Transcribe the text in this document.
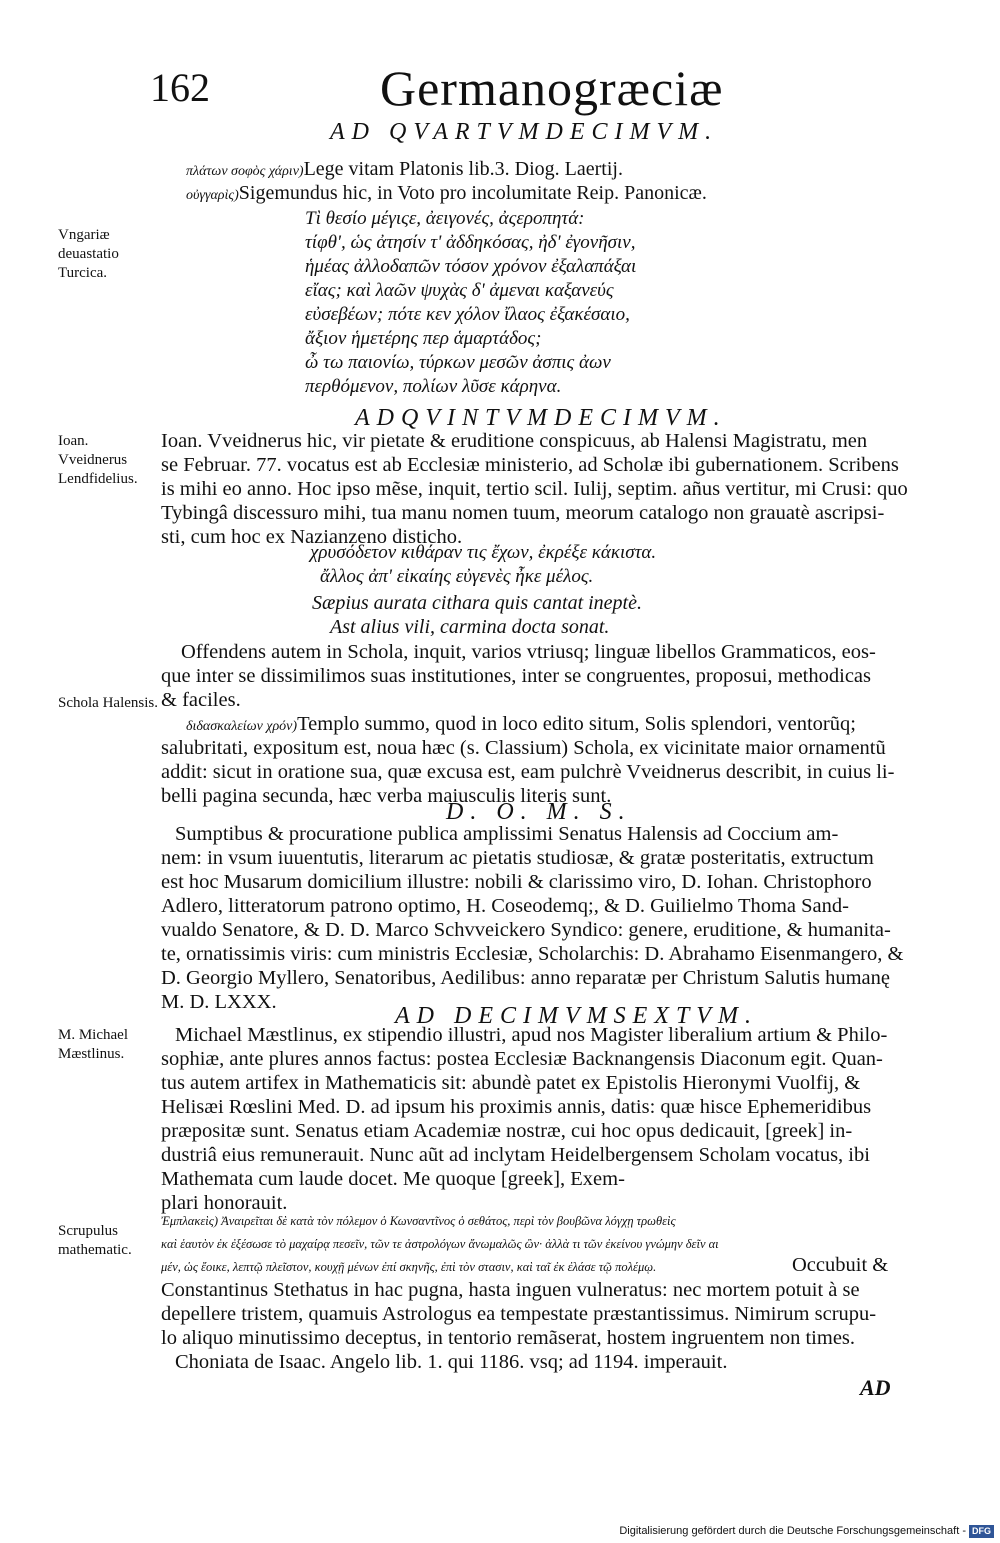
162	Germanogræciæ
AD QVARTVMDECIMVM.
πλάτων σοφὸς χάριν)Lege vitam Platonis lib.3. Diog. Laertij.
οὐγγαρὶς)Sigemundus hic, in Voto pro incolumitate Reip. Panonicæ.
Vngariæ deuastatio Turcica.
Τὶ θεσίο μέγιςε, ἀειγονές, ἀςεροπητά:
τίφθ', ὡς ἀτησίν τ' ἀδδηκόσας, ἠδ' ἐγονῆσιν,
ἡμέας ἀλλοδαπῶν τόσον χρόνον ἐξαλαπάξαι
εἴας; καὶ λαῶν ψυχὰς δ' ἀμεναι καξανεύς
εὐσεβέων; πότε κεν χόλον ἴλαος ἐξακέσαιο,
ἄξιον ἡμετέρης περ ἁμαρτάδος;
ὦ τω παιονίω, τύρκων μεσῶν ἀσπις ἀων
περθόμενον, πολίων λῦσε κάρηνα.
ADQVINTVMDECIMVM.
Ioan. Vveidnerus Lendfidelius.
Ioan. Vveidnerus hic, vir pietate & eruditione conspicuus, ab Halensi Magistratu, men
se Februar. 77. vocatus est ab Ecclesiæ ministerio, ad Scholæ ibi gubernationem. Scribens
is mihi eo anno. Hoc ipso mẽse, inquit, tertio scil. Iulij, septim. añus vertitur, mi Crusi: quo
Tybingâ discessuro mihi, tua manu nomen tuum, meorum catalogo non grauatè ascripsi-
sti, cum hoc ex Nazianzeno disticho.
χρυσόδετον κιθάραν τις ἔχων, ἐκρέξε κάκιστα.
ἄλλος ἀπ' εἰκαίης εὐγενὲς ἦκε μέλος.
Sæpius aurata cithara quis cantat ineptè.
Ast alius vili, carmina docta sonat.
Offendens autem in Schola, inquit, varios vtriusq; linguæ libellos Grammaticos, eos-
que inter se dissimilimos suas institutiones, inter se congruentes, proposui, methodicas
& faciles.
Schola Halensis.
διδασκαλείων χρόν)Templo summo, quod in loco edito situm, Solis splendori, ventorũq;
salubritati, expositum est, noua hæc (s. Classium) Schola, ex vicinitate maior ornamentũ
addit: sicut in oratione sua, quæ excusa est, eam pulchrè Vveidnerus describit, in cuius li-
belli pagina secunda, hæc verba maiusculis literis sunt.
D. O. M. S.
Sumptibus & procuratione publica amplissimi Senatus Halensis ad Coccium am-
nem: in vsum iuuentutis, literarum ac pietatis studiosæ, & gratæ posteritatis, extructum
est hoc Musarum domicilium illustre: nobili & clarissimo viro, D. Iohan. Christophoro
Adlero, litteratorum patrono optimo, H. Coseodemq;, & D. Guilielmo Thoma Sand-
vualdo Senatore, & D. D. Marco Schvveickero Syndico: genere, eruditione, & humanita-
te, ornatissimis viris: cum ministris Ecclesiæ, Scholarchis: D. Abrahamo Eisenmangero, &
D. Georgio Myllero, Senatoribus, Aedilibus: anno reparatæ per Christum Salutis humanę
M. D. LXXX.
AD DECIMVMSEXTVM.
M. Michael Mæstlinus.
Michael Mæstlinus, ex stipendio illustri, apud nos Magister liberalium artium & Philo-
sophiæ, ante plures annos factus: postea Ecclesiæ Backnangensis Diaconum egit. Quan-
tus autem artifex in Mathematicis sit: abundè patet ex Epistolis Hieronymi Vuolfij, &
Helisæi Rœslini Med. D. ad ipsum his proximis annis, datis: quæ hisce Ephemeridibus
præpositæ sunt. Senatus etiam Academiæ nostræ, cui hoc opus dedicauit, [greek] in-
dustriâ eius remunerauit. Nunc aũt ad inclytam Heidelbergensem Scholam vocatus, ibi
Mathemata cum laude docet. Me quoque [greek], Exem-
plari honorauit.
Scrupulus mathematic.
Ἐμπλακεὶς) Ἀναιρεῖται δὲ κατὰ τὸν πόλεμον ὁ Κωνσαντῖνος ὁ σεθάτος, περὶ τὸν βουβῶνα λόγχῃ τρωθεὶς
καὶ ἑαυτὸν ἐκ ἐξέσωσε τὸ μαχαίρᾳ πεσεῖν, τῶν τε ἀστρολόγων ἄνωμαλῶς ὢν· ἀλλὰ τι τῶν ἐκείνου γνώμην δεῖν αι
μέν, ὡς ἔοικε, λεπτῷ πλεῖστον, κουχῇ μένων ἐπί σκηνῆς, ἐπὶ τὸν στασιν, καὶ ταῖ ἐκ ἐλάσε τῷ πολέμῳ.	Occubuit &
Constantinus Stethatus in hac pugna, hasta inguen vulneratus: nec mortem potuit à se
depellere tristem, quamuis Astrologus ea tempestate præstantissimus. Nimirum scrupu-
lo aliquo minutissimo deceptus, in tentorio remãserat, hostem ingruentem non times.
Choniata de Isaac. Angelo lib. 1. qui 1186. vsq; ad 1194. imperauit.
AD
Digitalisierung gefördert durch die Deutsche Forschungsgemeinschaft - DFG
